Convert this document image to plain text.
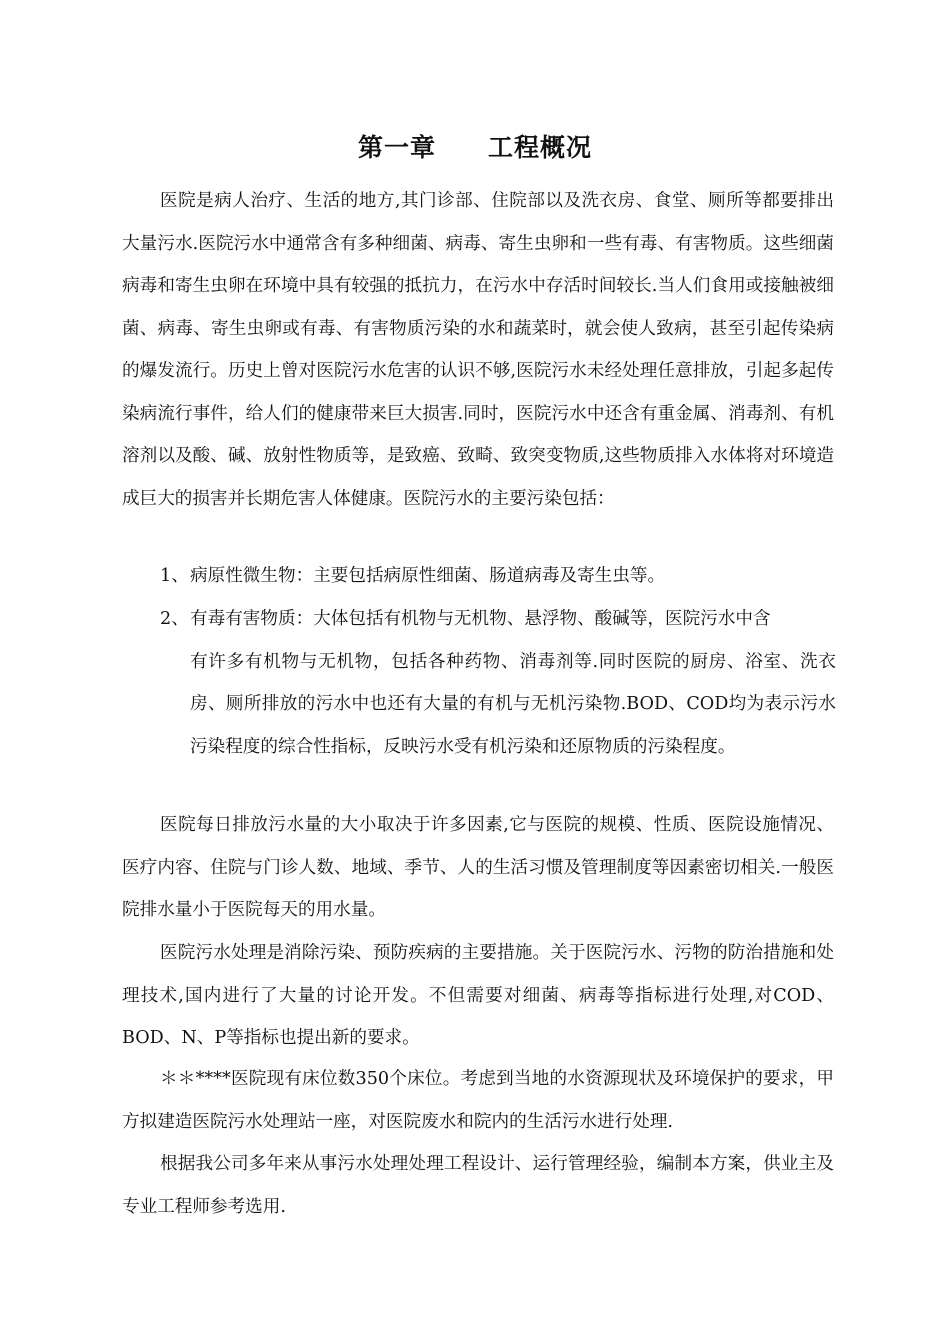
第一章 工程概况

医院是病人治疗、生活的地方,其门诊部、住院部以及洗衣房、食堂、厕所等都要排出大量污水.医院污水中通常含有多种细菌、病毒、寄生虫卵和一些有毒、有害物质。这些细菌病毒和寄生虫卵在环境中具有较强的抵抗力，在污水中存活时间较长.当人们食用或接触被细菌、病毒、寄生虫卵或有毒、有害物质污染的水和蔬菜时，就会使人致病，甚至引起传染病的爆发流行。历史上曾对医院污水危害的认识不够,医院污水未经处理任意排放，引起多起传染病流行事件，给人们的健康带来巨大损害.同时，医院污水中还含有重金属、消毒剂、有机溶剂以及酸、碱、放射性物质等，是致癌、致畸、致突变物质,这些物质排入水体将对环境造成巨大的损害并长期危害人体健康。医院污水的主要污染包括：

1、病原性微生物：主要包括病原性细菌、肠道病毒及寄生虫等。
2、有毒有害物质：大体包括有机物与无机物、悬浮物、酸碱等，医院污水中含
有许多有机物与无机物，包括各种药物、消毒剂等.同时医院的厨房、浴室、洗衣房、厕所排放的污水中也还有大量的有机与无机污染物.BOD、COD均为表示污水污染程度的综合性指标，反映污水受有机污染和还原物质的污染程度。

医院每日排放污水量的大小取决于许多因素,它与医院的规模、性质、医院设施情况、医疗内容、住院与门诊人数、地域、季节、人的生活习惯及管理制度等因素密切相关.一般医院排水量小于医院每天的用水量。

医院污水处理是消除污染、预防疾病的主要措施。关于医院污水、污物的防治措施和处理技术,国内进行了大量的讨论开发。不但需要对细菌、病毒等指标进行处理,对COD、BOD、N、P等指标也提出新的要求。

＊＊****医院现有床位数350个床位。考虑到当地的水资源现状及环境保护的要求，甲方拟建造医院污水处理站一座，对医院废水和院内的生活污水进行处理.

根据我公司多年来从事污水处理处理工程设计、运行管理经验，编制本方案，供业主及专业工程师参考选用.
